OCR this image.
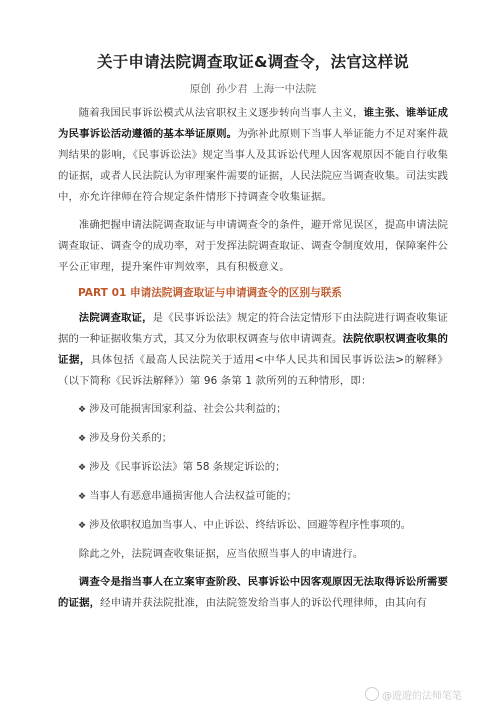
关于申请法院调查取证&调查令，法官这样说
原创 孙少君 上海一中法院

随着我国民事诉讼模式从法官职权主义逐步转向当事人主义，谁主张、谁举证成为民事诉讼活动遵循的基本举证原则。为弥补此原则下当事人举证能力不足对案件裁判结果的影响，《民事诉讼法》规定当事人及其诉讼代理人因客观原因不能自行收集的证据，或者人民法院认为审理案件需要的证据，人民法院应当调查收集。司法实践中，亦允许律师在符合规定条件情形下持调查令收集证据。

准确把握申请法院调查取证与申请调查令的条件，避开常见误区，提高申请法院调查取证、调查令的成功率，对于发挥法院调查取证、调查令制度效用，保障案件公平公正审理，提升案件审判效率，具有积极意义。

PART 01 申请法院调查取证与申请调查令的区别与联系

法院调查取证，是《民事诉讼法》规定的符合法定情形下由法院进行调查收集证据的一种证据收集方式，其又分为依职权调查与依申请调查。法院依职权调查收集的证据，具体包括《最高人民法院关于适用<中华人民共和国民事诉讼法>的解释》（以下简称《民诉法解释》）第 96 条第 1 款所列的五种情形，即：

❖ 涉及可能损害国家利益、社会公共利益的；
❖ 涉及身份关系的；
❖ 涉及《民事诉讼法》第 58 条规定诉讼的；
❖ 当事人有恶意串通损害他人合法权益可能的；
❖ 涉及依职权追加当事人、中止诉讼、终结诉讼、回避等程序性事项的。

除此之外，法院调查收集证据，应当依照当事人的申请进行。

调查令是指当事人在立案审查阶段、民事诉讼中因客观原因无法取得诉讼所需要的证据，经申请并获法院批准，由法院签发给当事人的诉讼代理律师，由其向有

@遊遊的法师笔笔
